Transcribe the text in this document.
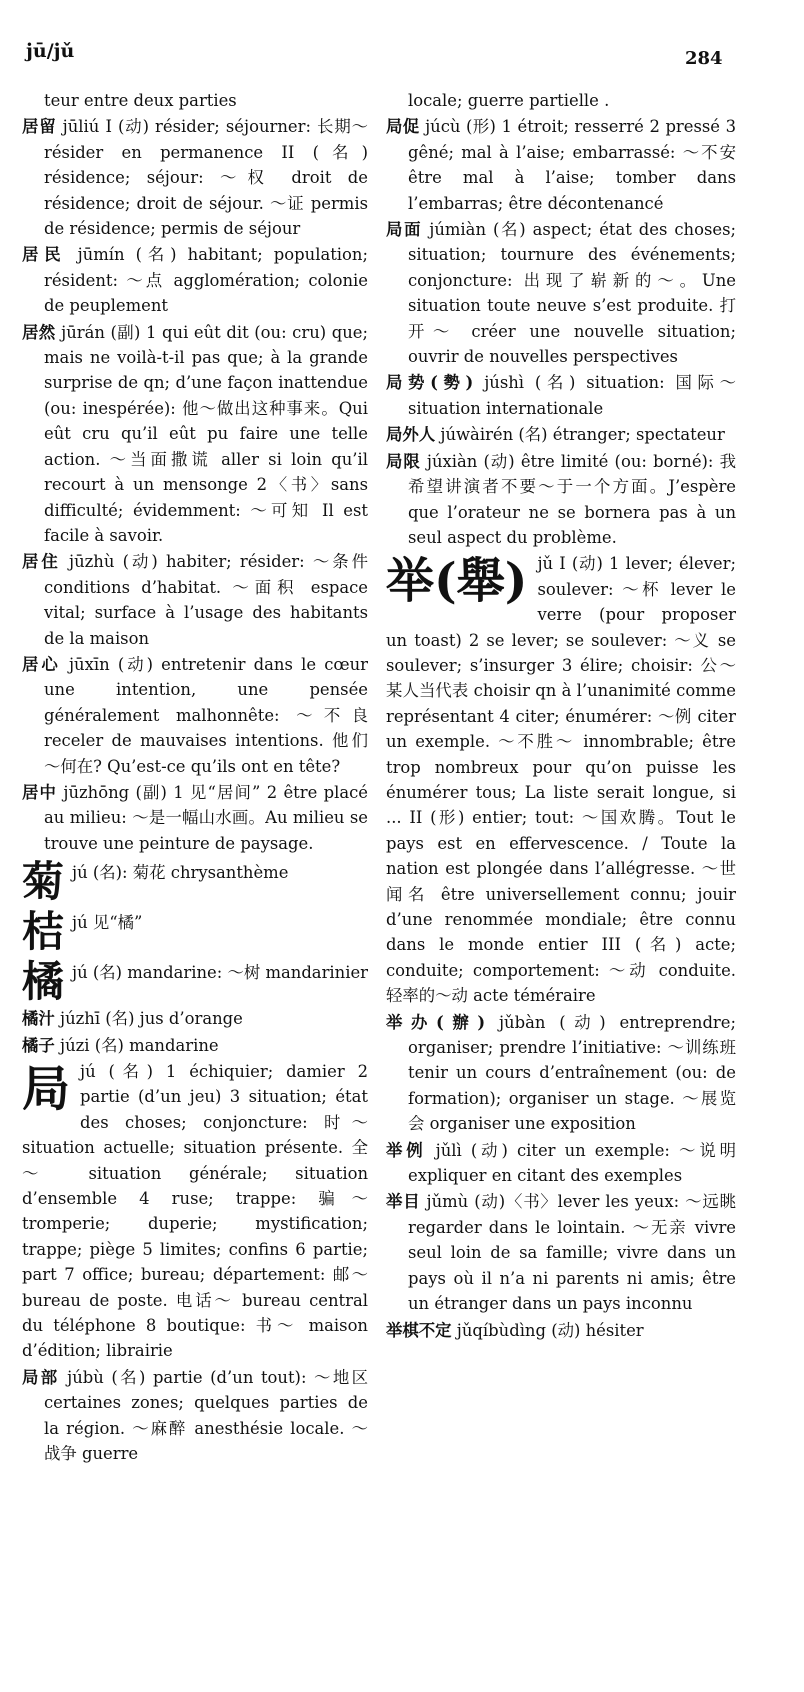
jū/jǔ	284

teur entre deux parties

居留 jūliú I (动) résider; séjourner: 长期～ résider en permanence II (名) résidence; séjour: ～权 droit de résidence; droit de séjour. ～证 permis de résidence; permis de séjour

居民 jūmín (名) habitant; population; résident: ～点 agglomération; colonie de peuplement

居然 jūrán (副) 1 qui eût dit (ou: cru) que; mais ne voilà-t-il pas que; à la grande surprise de qn; d’une façon inattendue (ou: inespérée): 他～做出这种事来。Qui eût cru qu’il eût pu faire une telle action. ～当面撒谎 aller si loin qu’il recourt à un mensonge 2〈书〉sans difficulté; évidemment: ～可知 Il est facile à savoir.

居住 jūzhù (动) habiter; résider: ～条件 conditions d’habitat. ～面积 espace vital; surface à l’usage des habitants de la maison

居心 jūxīn (动) entretenir dans le cœur une intention, une pensée généralement malhonnête: ～不良 receler de mauvaises intentions. 他们～何在? Qu’est-ce qu’ils ont en tête?

居中 jūzhōng (副) 1 见“居间” 2 être placé au milieu: ～是一幅山水画。Au milieu se trouve une peinture de paysage.

菊 jú (名): 菊花 chrysanthème
桔 jú 见“橘”
橘 jú (名) mandarine: ～树 mandarinier

橘汁 júzhī (名) jus d’orange

橘子 júzi (名) mandarine

局jú (名) 1 échiquier; damier 2 partie (d’un jeu) 3 situation; état des choses; conjoncture: 时～ situation actuelle; situation présente. 全～ situation générale; situation d’ensemble 4 ruse; trappe: 骗～ tromperie; duperie; mystification; trappe; piège 5 limites; confins 6 partie; part 7 office; bureau; département: 邮～ bureau de poste. 电话～ bureau central du téléphone 8 boutique: 书～ maison d’édition; librairie

局部 júbù (名) partie (d’un tout): ～地区 certaines zones; quelques parties de la région. ～麻醉 anesthésie locale. ～战争 guerre

locale; guerre partielle .

局促 júcù (形) 1 étroit; resserré 2 pressé 3 gêné; mal à l’aise; embarrassé: ～不安 être mal à l’aise; tomber dans l’embarras; être décontenancé

局面 júmiàn (名) aspect; état des choses; situation; tournure des événements; conjoncture: 出现了崭新的～。Une situation toute neuve s’est produite. 打开～ créer une nouvelle situation; ouvrir de nouvelles perspectives

局势(勢) júshì (名) situation: 国际～ situation internationale

局外人 júwàirén (名) étranger; spectateur

局限 júxiàn (动) être limité (ou: borné): 我希望讲演者不要～于一个方面。J’espère que l’orateur ne se bornera pas à un seul aspect du problème.

举(舉) jǔ I (动) 1 lever; élever; soulever: ～杯 lever le verre (pour proposer un toast) 2 se lever; se soulever: ～义 se soulever; s’insurger 3 élire; choisir: 公～某人当代表 choisir qn à l’unanimité comme représentant 4 citer; énumérer: ～例 citer un exemple. ～不胜～ innombrable; être trop nombreux pour qu’on puisse les énumérer tous; La liste serait longue, si ... II (形) entier; tout: ～国欢腾。Tout le pays est en effervescence. / Toute la nation est plongée dans l’allégresse. ～世闻名 être universellement connu; jouir d’une renommée mondiale; être connu dans le monde entier III (名) acte; conduite; comportement: ～动 conduite. 轻率的～动 acte téméraire

举办(辦) jǔbàn (动) entreprendre; organiser; prendre l’initiative: ～训练班 tenir un cours d’entraînement (ou: de formation); organiser un stage. ～展览会 organiser une exposition

举例 jǔlì (动) citer un exemple: ～说明 expliquer en citant des exemples

举目 jǔmù (动)〈书〉lever les yeux: ～远眺 regarder dans le lointain. ～无亲 vivre seul loin de sa famille; vivre dans un pays où il n’a ni parents ni amis; être un étranger dans un pays inconnu

举棋不定 jǔqíbùdìng (动) hésiter
